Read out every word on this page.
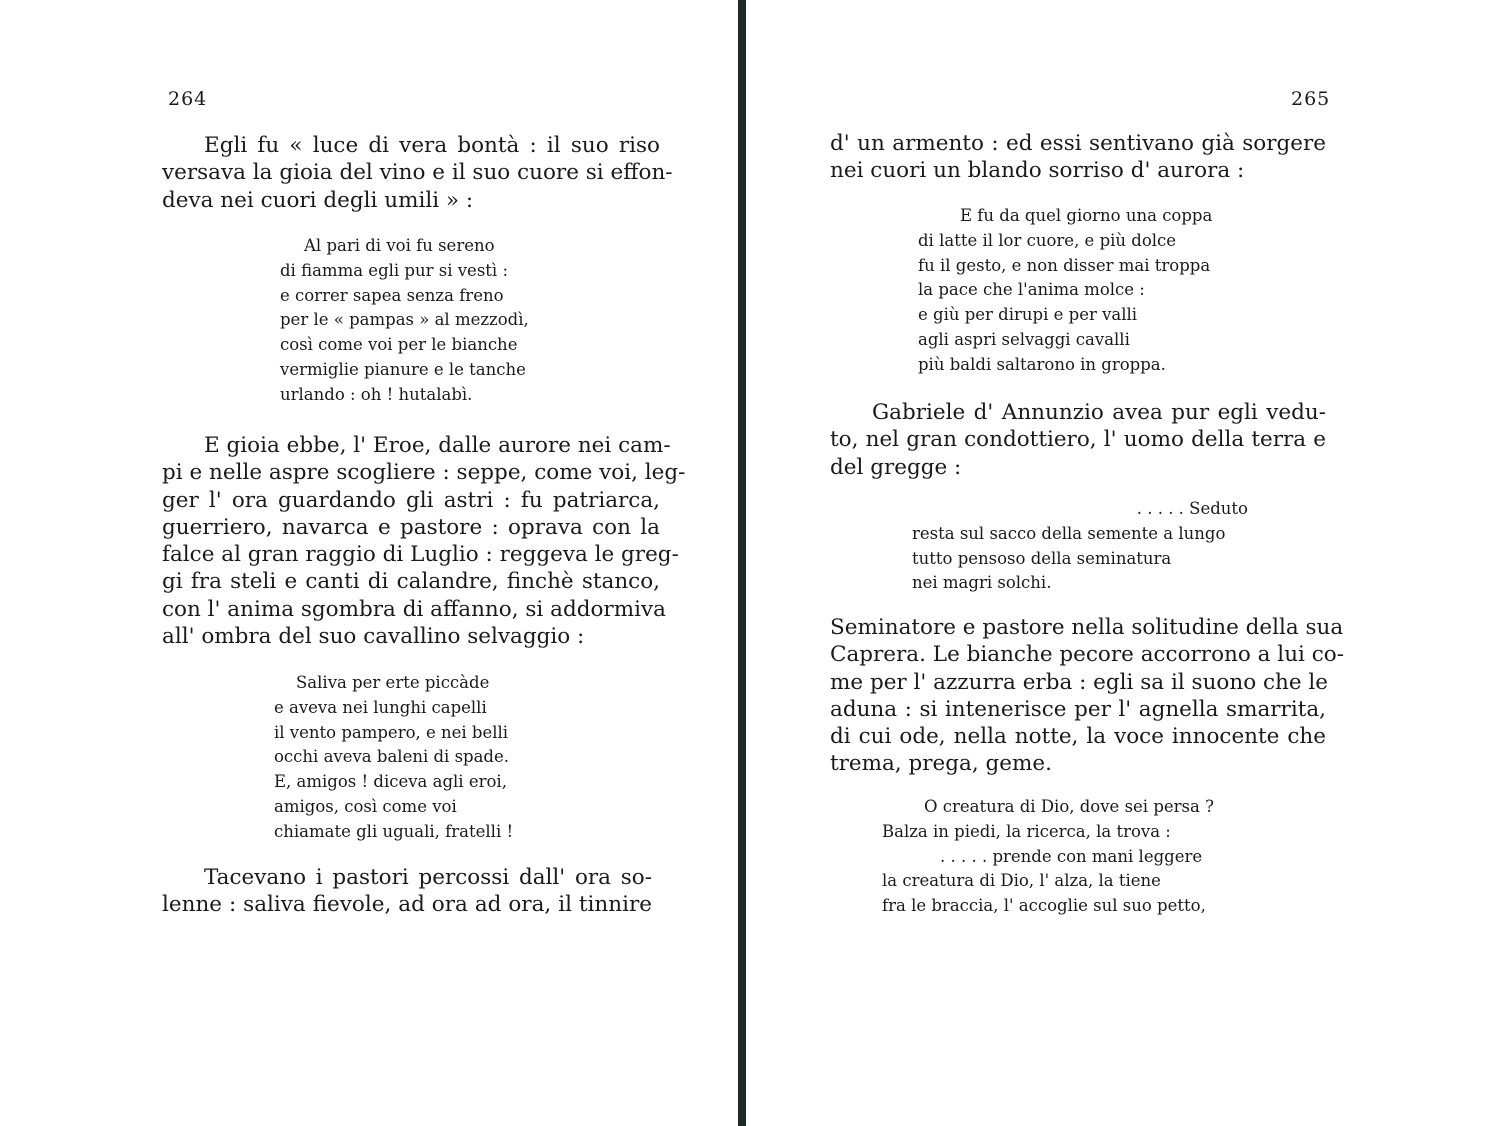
264
Egli fu « luce di vera bontà : il suo riso
versava la gioia del vino e il suo cuore si effon-
deva nei cuori degli umili » :
Al pari di voi fu sereno
di fiamma egli pur si vestì :
e correr sapea senza freno
per le « pampas » al mezzodì,
così come voi per le bianche
vermiglie pianure e le tanche
urlando : oh ! hutalabì.
E gioia ebbe, l' Eroe, dalle aurore nei cam-
pi e nelle aspre scogliere : seppe, come voi, leg-
ger l' ora guardando gli astri : fu patriarca,
guerriero, navarca e pastore : oprava con la
falce al gran raggio di Luglio : reggeva le greg-
gi fra steli e canti di calandre, finchè stanco,
con l' anima sgombra di affanno, si addormiva
all' ombra del suo cavallino selvaggio :
Saliva per erte piccàde
e aveva nei lunghi capelli
il vento pampero, e nei belli
occhi aveva baleni di spade.
E, amigos ! diceva agli eroi,
amigos, così come voi
chiamate gli uguali, fratelli !
Tacevano i pastori percossi dall' ora so-
lenne : saliva fievole, ad ora ad ora, il tinnire
265
d' un armento : ed essi sentivano già sorgere
nei cuori un blando sorriso d' aurora :
E fu da quel giorno una coppa
di latte il lor cuore, e più dolce
fu il gesto, e non disser mai troppa
la pace che l'anima molce :
e giù per dirupi e per valli
agli aspri selvaggi cavalli
più baldi saltarono in groppa.
Gabriele d' Annunzio avea pur egli vedu-
to, nel gran condottiero, l' uomo della terra e
del gregge :
. . . . . Seduto
resta sul sacco della semente a lungo
tutto pensoso della seminatura
nei magri solchi.
Seminatore e pastore nella solitudine della sua
Caprera. Le bianche pecore accorrono a lui co-
me per l' azzurra erba : egli sa il suono che le
aduna : si intenerisce per l' agnella smarrita,
di cui ode, nella notte, la voce innocente che
trema, prega, geme.
O creatura di Dio, dove sei persa ?
Balza in piedi, la ricerca, la trova :
. . . . . prende con mani leggere
la creatura di Dio, l' alza, la tiene
fra le braccia, l' accoglie sul suo petto,
